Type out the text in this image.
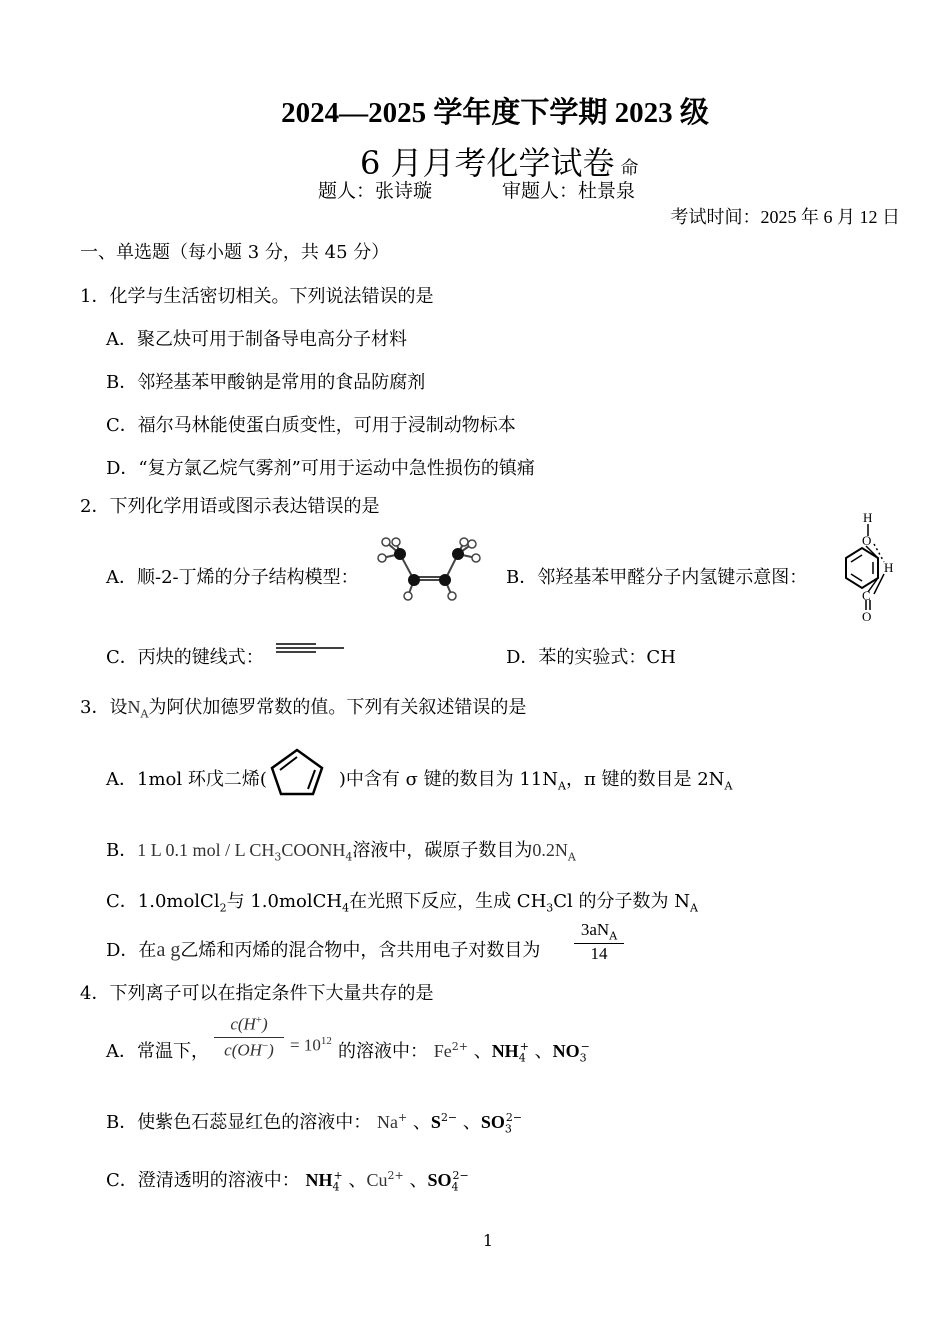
2024—2025 学年度下学期 2023 级
6 月月考化学试卷 命
题人：张诗璇	审题人：杜景泉
考试时间：2025 年 6 月 12 日
一、单选题（每小题 3 分，共 45 分）
1．化学与生活密切相关。下列说法错误的是
A．聚乙炔可用于制备导电高分子材料
B．邻羟基苯甲酸钠是常用的食品防腐剂
C．福尔马林能使蛋白质变性，可用于浸制动物标本
D．“复方氯乙烷气雾剂”可用于运动中急性损伤的镇痛
2．下列化学用语或图示表达错误的是
A．顺-2-丁烯的分子结构模型：	B．邻羟基苯甲醛分子内氢键示意图：
H
O
H
C
O
C．丙炔的键线式：	D．苯的实验式：CH
3．设$N_A$为阿伏加德罗常数的值。下列有关叙述错误的是
A．1mol 环戊二烯(	)中含有 σ 键的数目为 $11N_A$，π 键的数目是 $2N_A$
B．1 L 0.1 mol / L $CH_3COONH_4$溶液中，碳原子数目为$0.2N_A$
C．1.0molCl$_2$与 1.0molCH$_4$在光照下反应，生成 $CH_3Cl$ 的分子数为 $N_A$
D．在a g乙烯和丙烯的混合物中，含共用电子对数目为
$3aN_A$
14
4．下列离子可以在指定条件下大量共存的是
A．常温下，
c(H+)
$c(OH^-) = 10^{12}$ 的溶液中： $Fe^{2+}$ 、$NH_4^+$ 、$NO_3^-$
B．使紫色石蕊显红色的溶液中： Na+ 、$S^{2-}$ 、$SO_3^{2-}$
C．澄清透明的溶液中： $NH_4^+$ 、$Cu^{2+}$ 、$SO_4^{2-}$
1
